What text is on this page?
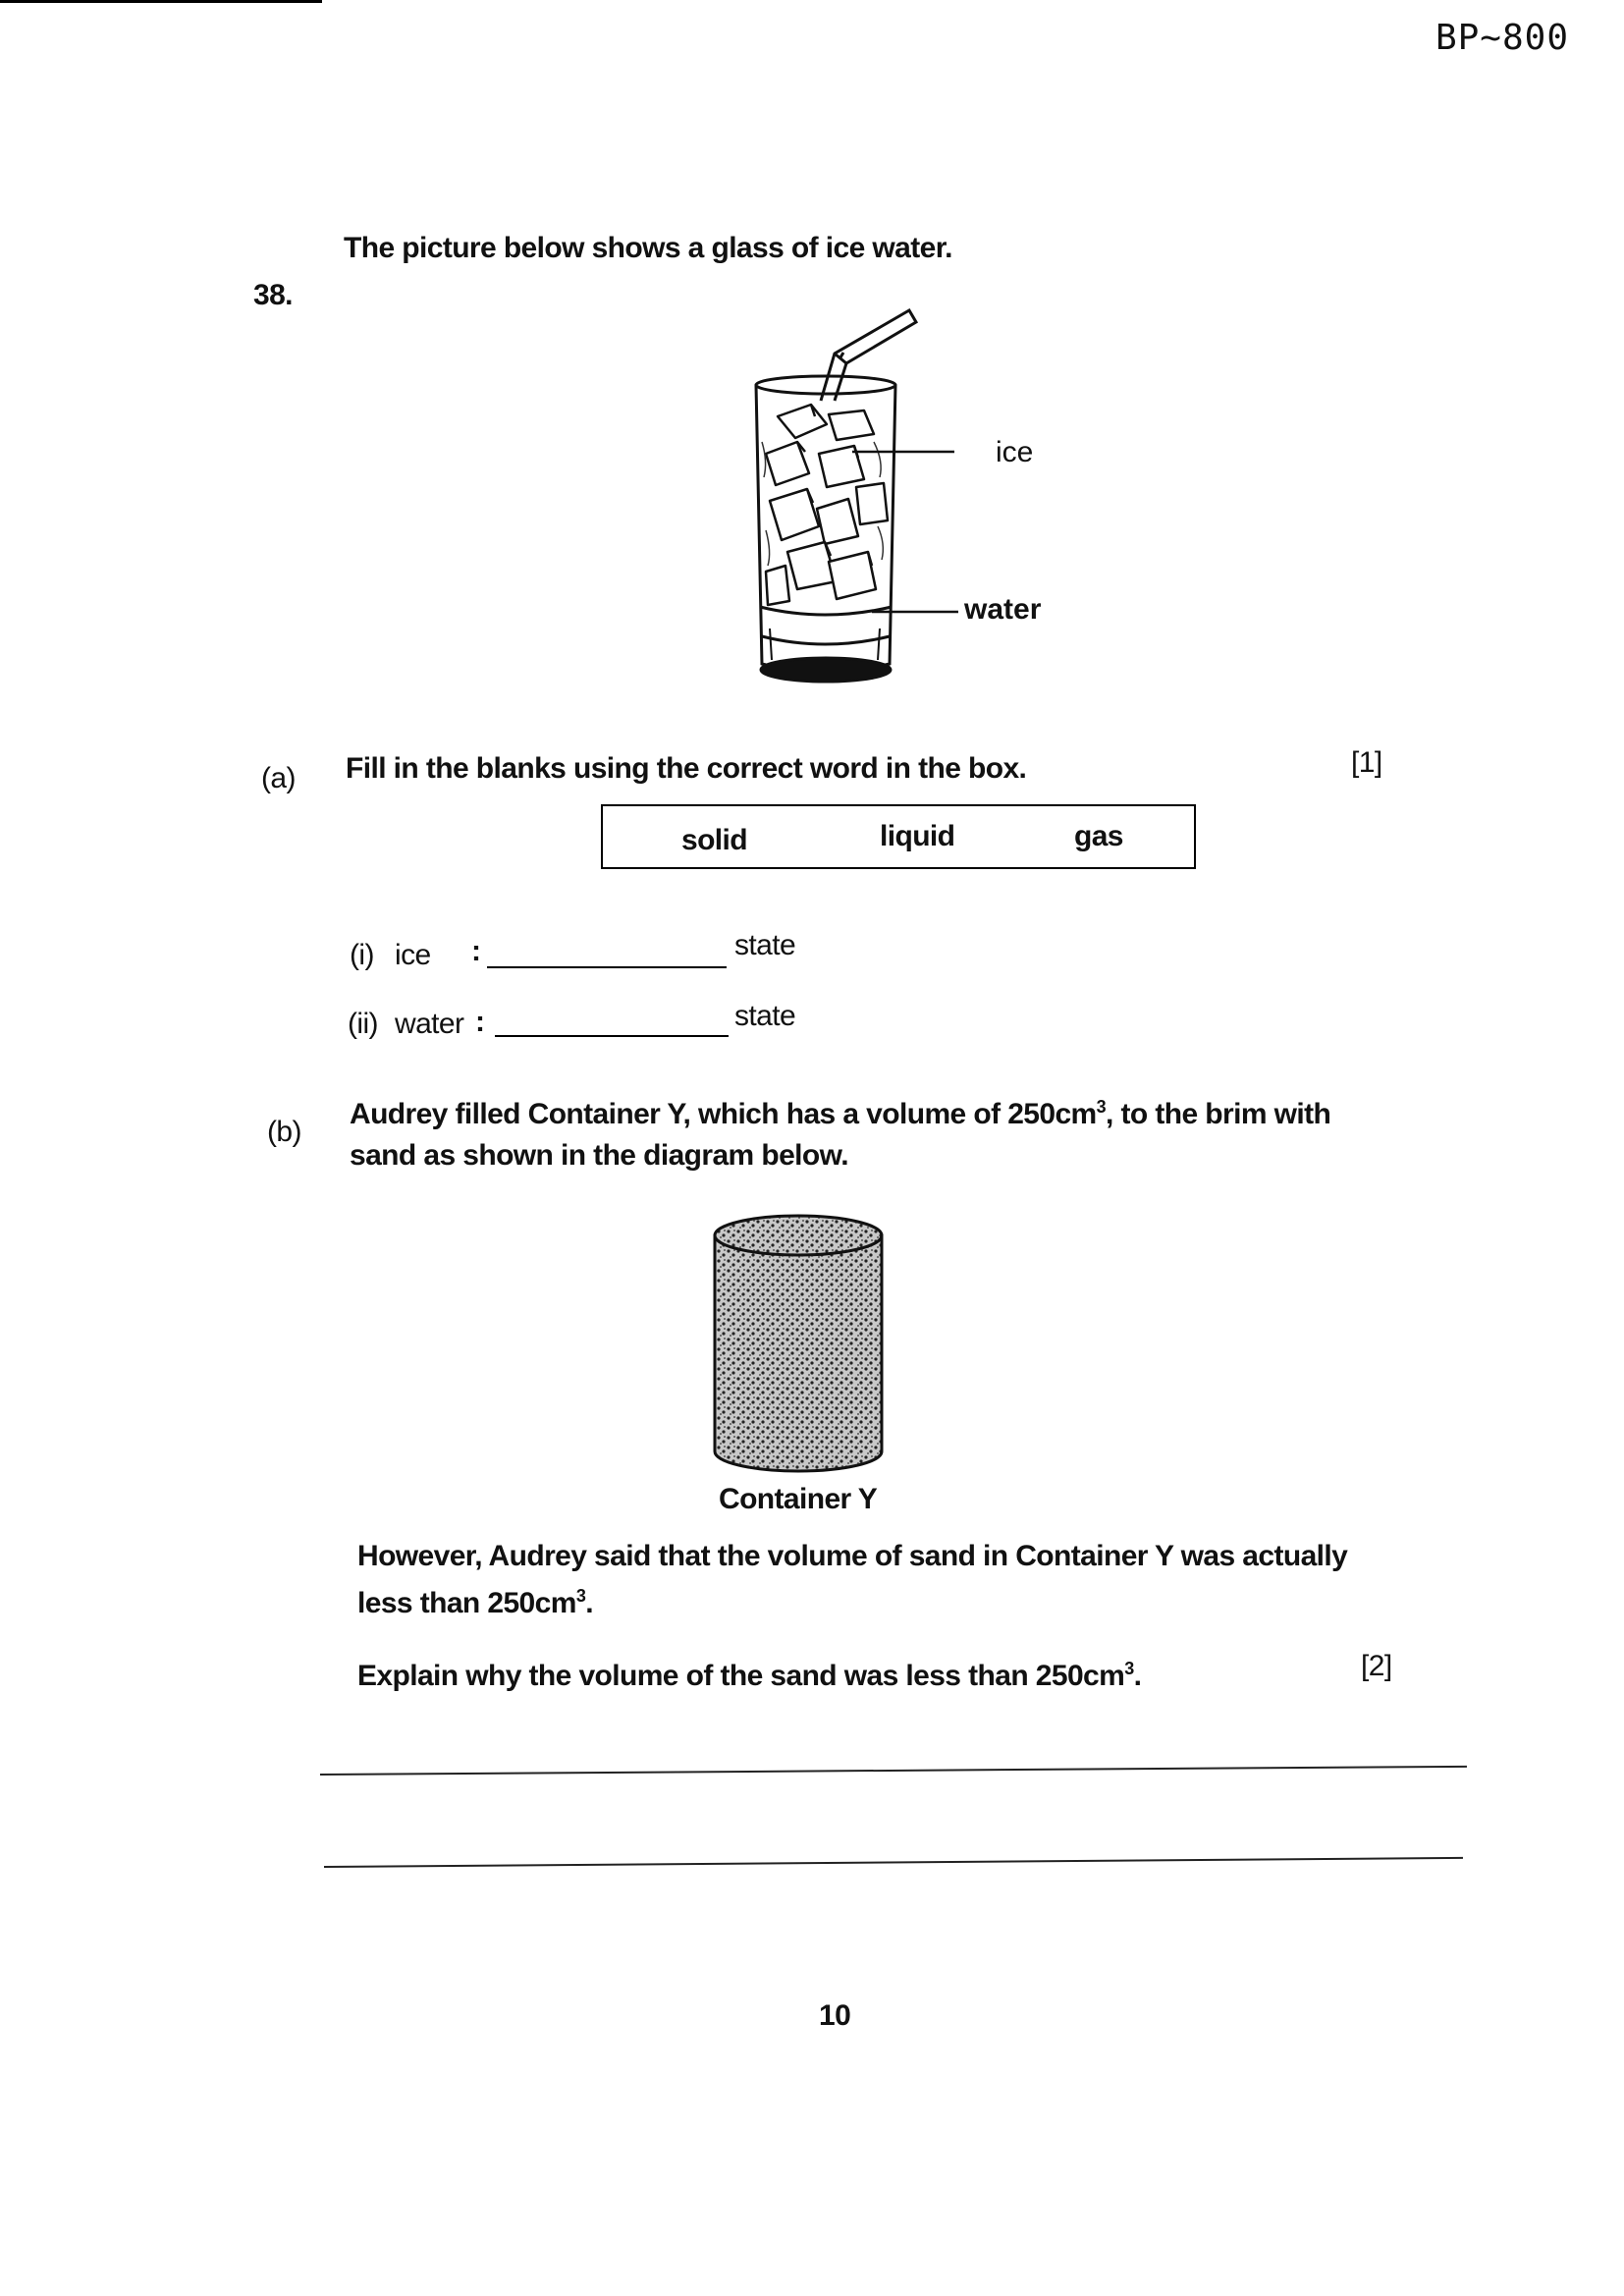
BP~800
38.
The picture below shows a glass of ice water.
ice
water
(a) Fill in the blanks using the correct word in the box.	[1]
solid	liquid	gas
(i) ice :	state
(ii) water :	state
(b)
Audrey filled Container Y, which has a volume of $250cm^3$, to the brim with
sand as shown in the diagram below.
Container Y
However, Audrey said that the volume of sand in Container Y was actually
less than $250cm^3$.
Explain why the volume of the sand was less than $250cm^3$.	[2]
10
